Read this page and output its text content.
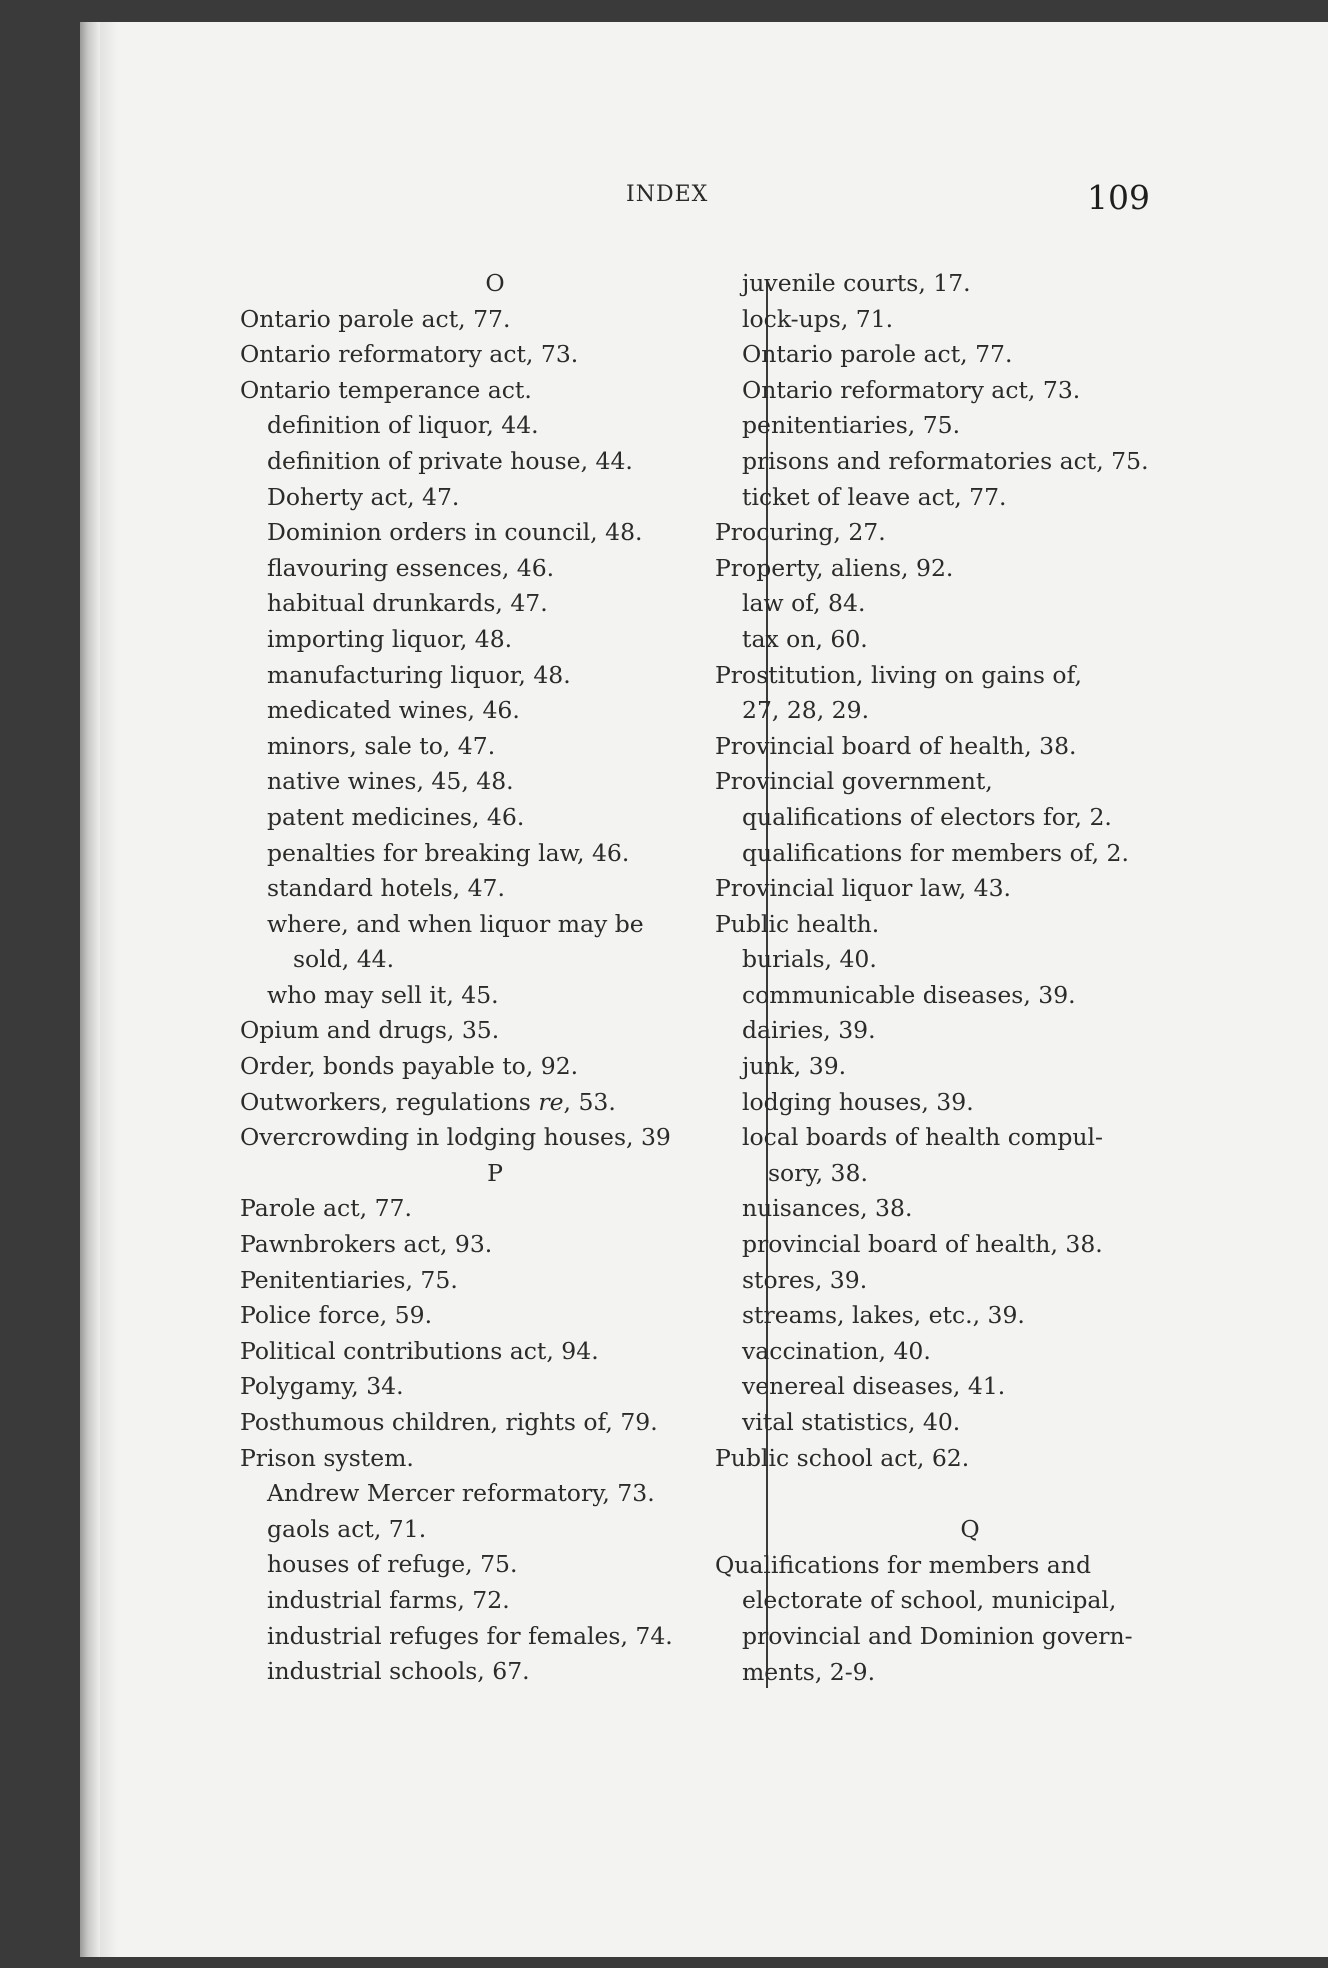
INDEX	109
O
Ontario parole act, 77.
Ontario reformatory act, 73.
Ontario temperance act.
definition of liquor, 44.
definition of private house, 44.
Doherty act, 47.
Dominion orders in council, 48.
flavouring essences, 46.
habitual drunkards, 47.
importing liquor, 48.
manufacturing liquor, 48.
medicated wines, 46.
minors, sale to, 47.
native wines, 45, 48.
patent medicines, 46.
penalties for breaking law, 46.
standard hotels, 47.
where, and when liquor may be
sold, 44.
who may sell it, 45.
Opium and drugs, 35.
Order, bonds payable to, 92.
Outworkers, regulations re, 53.
Overcrowding in lodging houses, 39
P
Parole act, 77.
Pawnbrokers act, 93.
Penitentiaries, 75.
Police force, 59.
Political contributions act, 94.
Polygamy, 34.
Posthumous children, rights of, 79.
Prison system.
Andrew Mercer reformatory, 73.
gaols act, 71.
houses of refuge, 75.
industrial farms, 72.
industrial refuges for females, 74.
industrial schools, 67.
juvenile courts, 17.
lock-ups, 71.
Ontario parole act, 77.
Ontario reformatory act, 73.
penitentiaries, 75.
prisons and reformatories act, 75.
ticket of leave act, 77.
Procuring, 27.
Property, aliens, 92.
law of, 84.
tax on, 60.
Prostitution, living on gains of,
27, 28, 29.
Provincial board of health, 38.
Provincial government,
qualifications of electors for, 2.
qualifications for members of, 2.
Provincial liquor law, 43.
Public health.
burials, 40.
communicable diseases, 39.
dairies, 39.
junk, 39.
lodging houses, 39.
local boards of health compul-
sory, 38.
nuisances, 38.
provincial board of health, 38.
stores, 39.
streams, lakes, etc., 39.
vaccination, 40.
venereal diseases, 41.
vital statistics, 40.
Public school act, 62.
Q
Qualifications for members and
electorate of school, municipal,
provincial and Dominion govern-
ments, 2-9.
